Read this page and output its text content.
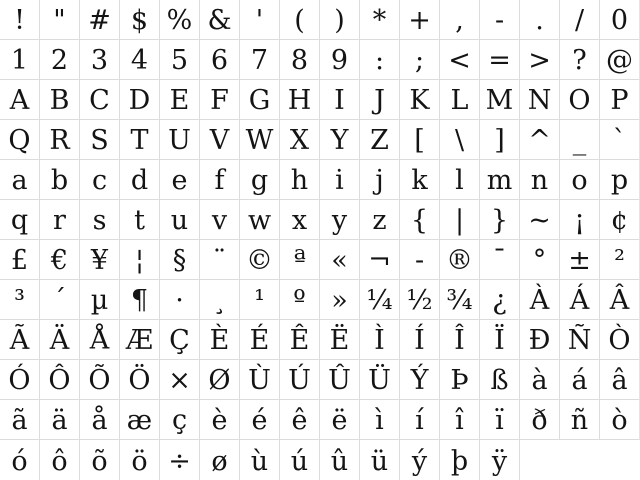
!	" # $ % & '	(	)	* + ,	-	.	/ 0
1 2 3 4 5 6 7 8 9 :	; < = > ? @
A B C D E F G H I	J K L M N O P
Q R S T U V W X Y Z [	\	] ^ _ `
a b c d e	f g h i	j	k	l m n o p
q r s	t u v w x y z { | } ~ ¡ ¢
£ € ¥ ¦	§ ¨ © ª « ¬ - ® ¯ ° ± ²
³	´ µ ¶	·	¸	¹	º » ¼ ½ ¾ ¿ À Á Â
Ã Ä Å Æ Ç È É Ê Ë Ì	Í	Î	Ï Ð Ñ Ò
Ó Ô Õ Ö × Ø Ù Ú Û Ü Ý Þ ß à á â
ã ä å æ ç è é ê ë	ì	í	î	ï	ð ñ ò
ó ô õ ö ÷ ø ù ú û ü ý þ ÿ
